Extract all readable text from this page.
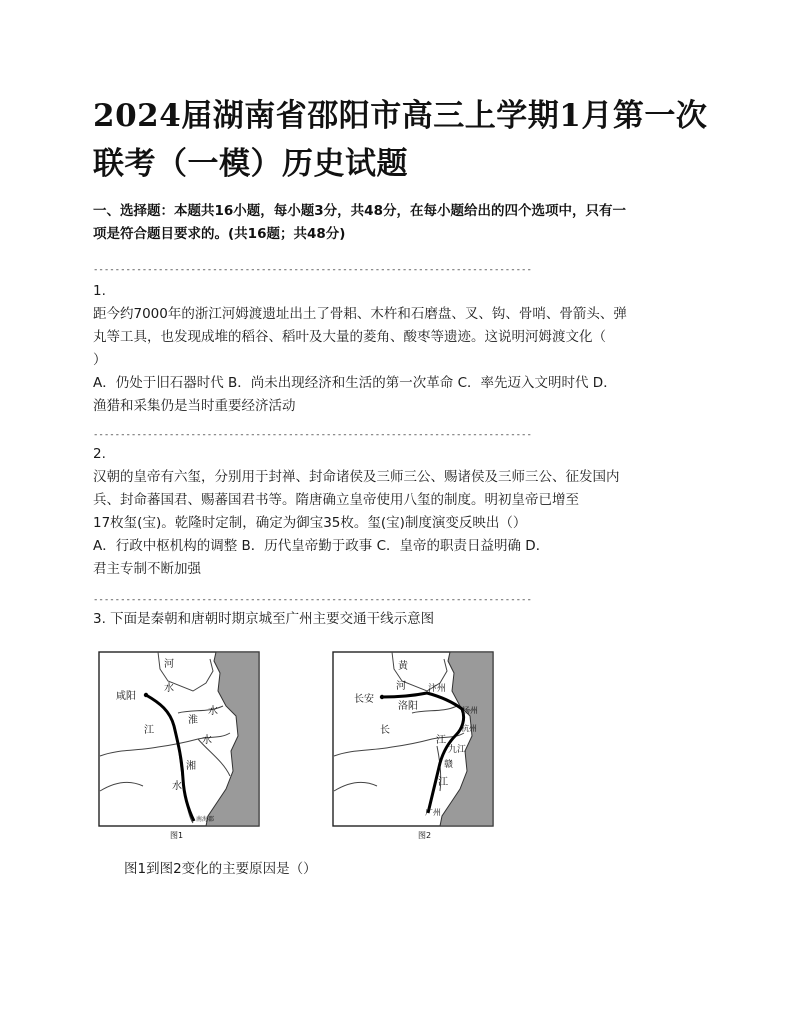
2024届湖南省邵阳市高三上学期1月第一次
联考（一模）历史试题
一、选择题：本题共16小题，每小题3分，共48分，在每小题给出的四个选项中，只有一
项是符合题目要求的。(共16题；共48分)
---------------------------------------------------------------------------------
1.
距今约7000年的浙江河姆渡遗址出土了骨耜、木杵和石磨盘、叉、钩、骨哨、骨箭头、弹
丸等工具，也发现成堆的稻谷、稻叶及大量的菱角、酸枣等遗迹。这说明河姆渡文化（
）
A．仍处于旧石器时代 B．尚未出现经济和生活的第一次革命 C．率先迈入文明时代 D．
渔猎和采集仍是当时重要经济活动
---------------------------------------------------------------------------------
2.
汉朝的皇帝有六玺，分别用于封禅、封命诸侯及三师三公、赐诸侯及三师三公、征发国内
兵、封命蕃国君、赐蕃国君书等。隋唐确立皇帝使用八玺的制度。明初皇帝已增至
17枚玺(宝)。乾隆时定制，确定为御宝35枚。玺(宝)制度演变反映出（）
A．行政中枢机构的调整 B．历代皇帝勤于政事 C．皇帝的职责日益明确 D．
君主专制不断加强
---------------------------------------------------------------------------------
3. 下面是秦朝和唐朝时期京城至广州主要交通干线示意图
咸阳
河
水
淮
水
江
水
湘
水
南海郡
图1
黄
河 汴州
长安
洛阳	扬州
杭州
长
江
九江
赣
江
广州
图2
图1到图2变化的主要原因是（）
